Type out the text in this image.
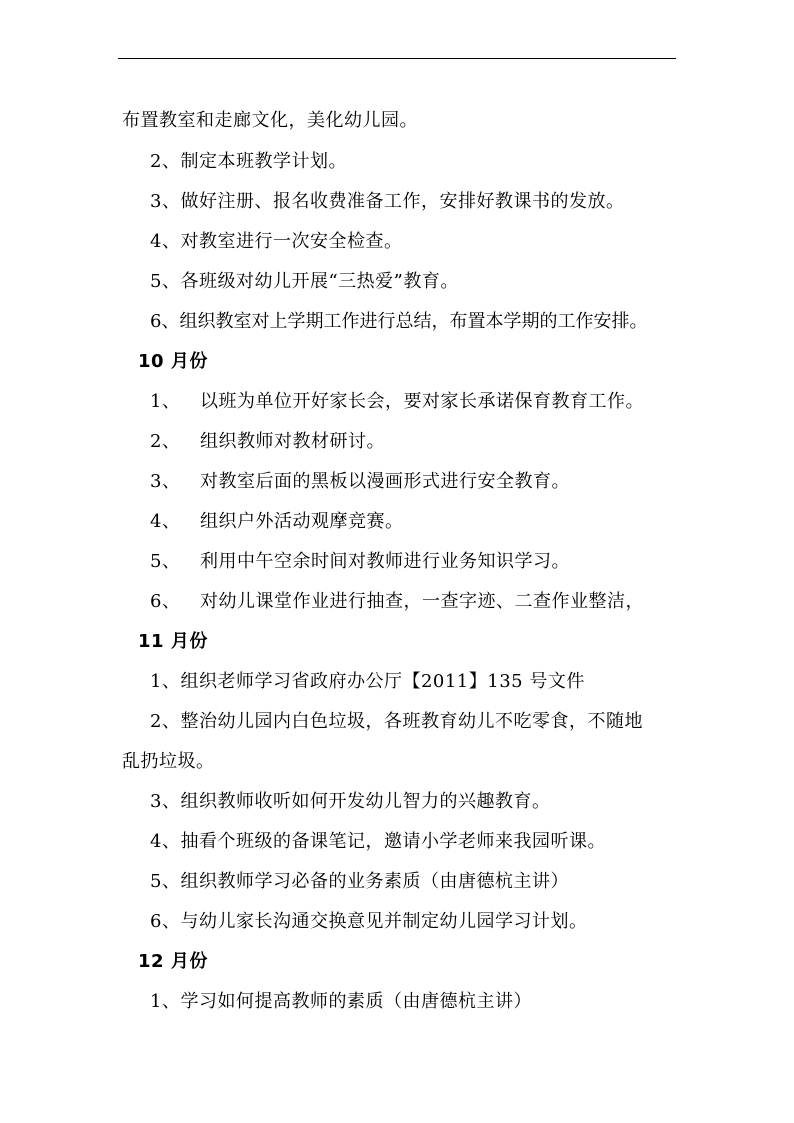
布置教室和走廊文化，美化幼儿园。
2、制定本班教学计划。
3、做好注册、报名收费准备工作，安排好教课书的发放。
4、对教室进行一次安全检查。
5、各班级对幼儿开展“三热爱”教育。
6、组织教室对上学期工作进行总结，布置本学期的工作安排。
10 月份
1、 以班为单位开好家长会，要对家长承诺保育教育工作。
2、 组织教师对教材研讨。
3、 对教室后面的黑板以漫画形式进行安全教育。
4、 组织户外活动观摩竞赛。
5、 利用中午空余时间对教师进行业务知识学习。
6、 对幼儿课堂作业进行抽查，一查字迹、二查作业整洁，
11 月份
1、组织老师学习省政府办公厅【2011】135 号文件
2、整治幼儿园内白色垃圾，各班教育幼儿不吃零食，不随地
乱扔垃圾。
3、组织教师收听如何开发幼儿智力的兴趣教育。
4、抽看个班级的备课笔记，邀请小学老师来我园听课。
5、组织教师学习必备的业务素质（由唐德杭主讲）
6、与幼儿家长沟通交换意见并制定幼儿园学习计划。
12 月份
1、学习如何提高教师的素质（由唐德杭主讲）
